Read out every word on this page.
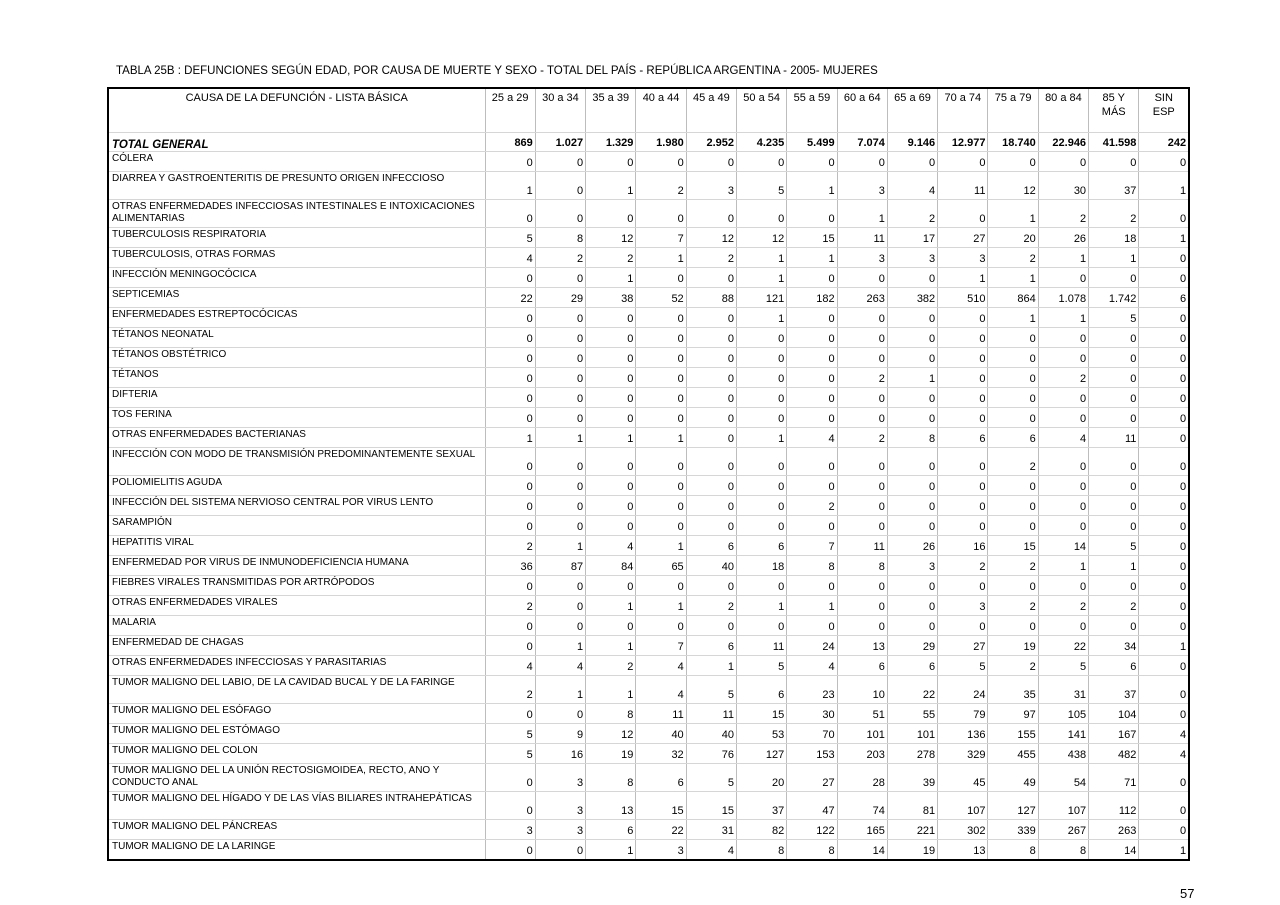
TABLA 25B : DEFUNCIONES SEGÚN EDAD, POR CAUSA DE MUERTE Y SEXO - TOTAL DEL PAÍS - REPÚBLICA ARGENTINA - 2005- MUJERES
CAUSA DE LA DEFUNCIÓN - LISTA BÁSICA	25 a 29	30 a 34	35 a 39	40 a 44	45 a 49	50 a 54	55 a 59	60 a 64	65 a 69	70 a 74	75 a 79	80 a 84	85 Y MÁS	SIN ESP
TOTAL GENERAL	869	1.027	1.329	1.980	2.952	4.235	5.499	7.074	9.146	12.977	18.740	22.946	41.598	242
CÓLERA	0	0	0	0	0	0	0	0	0	0	0	0	0	0
DIARREA Y GASTROENTERITIS DE PRESUNTO ORIGEN INFECCIOSO	1	0	1	2	3	5	1	3	4	11	12	30	37	1
OTRAS ENFERMEDADES INFECCIOSAS INTESTINALES E INTOXICACIONES ALIMENTARIAS	0	0	0	0	0	0	0	1	2	0	1	2	2	0
TUBERCULOSIS RESPIRATORIA	5	8	12	7	12	12	15	11	17	27	20	26	18	1
TUBERCULOSIS, OTRAS FORMAS	4	2	2	1	2	1	1	3	3	3	2	1	1	0
INFECCIÓN MENINGOCÓCICA	0	0	1	0	0	1	0	0	0	1	1	0	0	0
SEPTICEMIAS	22	29	38	52	88	121	182	263	382	510	864	1.078	1.742	6
ENFERMEDADES ESTREPTOCÓCICAS	0	0	0	0	0	1	0	0	0	0	1	1	5	0
TÉTANOS NEONATAL	0	0	0	0	0	0	0	0	0	0	0	0	0	0
TÉTANOS OBSTÉTRICO	0	0	0	0	0	0	0	0	0	0	0	0	0	0
TÉTANOS	0	0	0	0	0	0	0	2	1	0	0	2	0	0
DIFTERIA	0	0	0	0	0	0	0	0	0	0	0	0	0	0
TOS FERINA	0	0	0	0	0	0	0	0	0	0	0	0	0	0
OTRAS ENFERMEDADES BACTERIANAS	1	1	1	1	0	1	4	2	8	6	6	4	11	0
INFECCIÓN CON MODO DE TRANSMISIÓN PREDOMINANTEMENTE SEXUAL	0	0	0	0	0	0	0	0	0	0	2	0	0	0
POLIOMIELITIS AGUDA	0	0	0	0	0	0	0	0	0	0	0	0	0	0
INFECCIÓN DEL SISTEMA NERVIOSO CENTRAL POR VIRUS LENTO	0	0	0	0	0	0	2	0	0	0	0	0	0	0
SARAMPIÓN	0	0	0	0	0	0	0	0	0	0	0	0	0	0
HEPATITIS VIRAL	2	1	4	1	6	6	7	11	26	16	15	14	5	0
ENFERMEDAD POR VIRUS DE INMUNODEFICIENCIA HUMANA	36	87	84	65	40	18	8	8	3	2	2	1	1	0
FIEBRES VIRALES TRANSMITIDAS POR ARTRÓPODOS	0	0	0	0	0	0	0	0	0	0	0	0	0	0
OTRAS ENFERMEDADES VIRALES	2	0	1	1	2	1	1	0	0	3	2	2	2	0
MALARIA	0	0	0	0	0	0	0	0	0	0	0	0	0	0
ENFERMEDAD DE CHAGAS	0	1	1	7	6	11	24	13	29	27	19	22	34	1
OTRAS ENFERMEDADES INFECCIOSAS Y PARASITARIAS	4	4	2	4	1	5	4	6	6	5	2	5	6	0
TUMOR MALIGNO DEL LABIO, DE LA CAVIDAD BUCAL Y DE LA FARINGE	2	1	1	4	5	6	23	10	22	24	35	31	37	0
TUMOR MALIGNO DEL ESÓFAGO	0	0	8	11	11	15	30	51	55	79	97	105	104	0
TUMOR MALIGNO DEL ESTÓMAGO	5	9	12	40	40	53	70	101	101	136	155	141	167	4
TUMOR MALIGNO DEL COLON	5	16	19	32	76	127	153	203	278	329	455	438	482	4
TUMOR MALIGNO DEL LA UNIÓN RECTOSIGMOIDEA, RECTO, ANO Y CONDUCTO ANAL	0	3	8	6	5	20	27	28	39	45	49	54	71	0
TUMOR MALIGNO DEL HÍGADO Y DE LAS VÍAS BILIARES INTRAHEPÁTICAS	0	3	13	15	15	37	47	74	81	107	127	107	112	0
TUMOR MALIGNO DEL PÁNCREAS	3	3	6	22	31	82	122	165	221	302	339	267	263	0
TUMOR MALIGNO DE LA LARINGE	0	0	1	3	4	8	8	14	19	13	8	8	14	1
57
